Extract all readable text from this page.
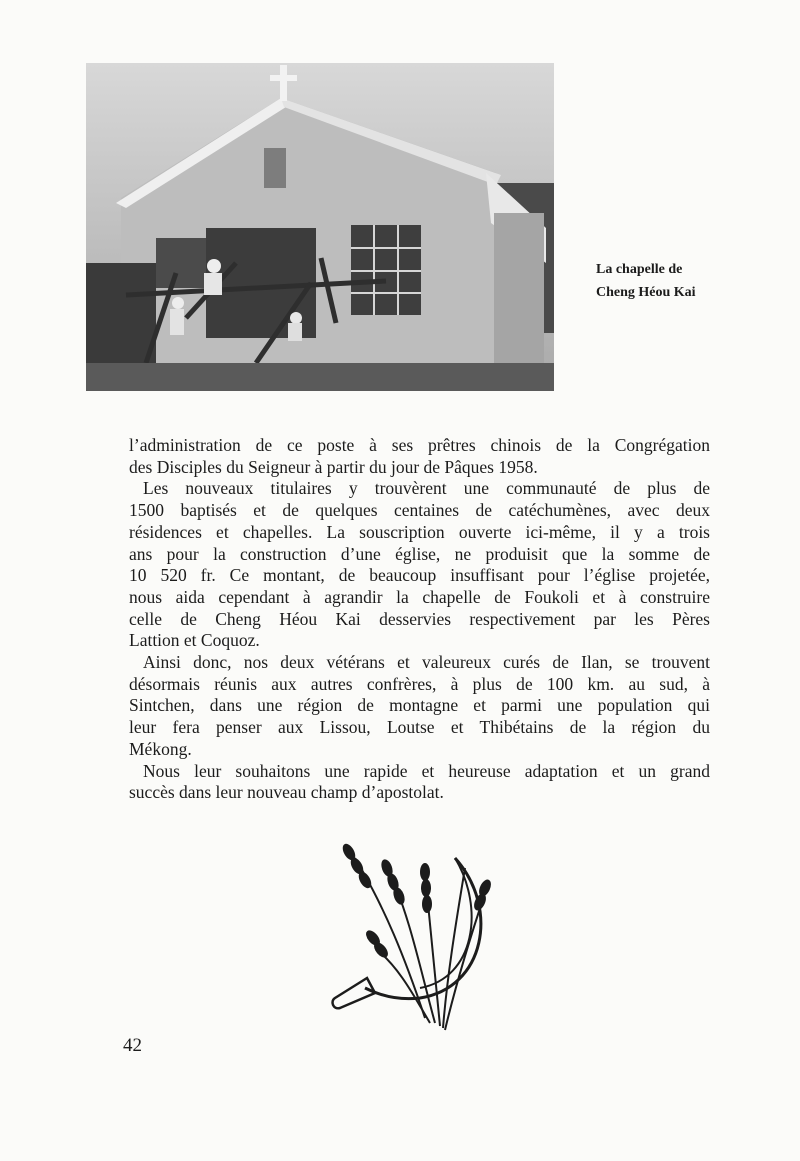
La chapelle de
Cheng Héou Kai

l’administration de ce poste à ses prêtres chinois de la Congrégation

des Disciples du Seigneur à partir du jour de Pâques 1958.

Les nouveaux titulaires y trouvèrent une communauté de plus de

1500 baptisés et de quelques centaines de catéchumènes, avec deux

résidences et chapelles. La souscription ouverte ici-même, il y a trois

ans pour la construction d’une église, ne produisit que la somme de

10 520 fr. Ce montant, de beaucoup insuffisant pour l’église projetée,

nous aida cependant à agrandir la chapelle de Foukoli et à construire

celle de Cheng Héou Kai desservies respectivement par les Pères

Lattion et Coquoz.

Ainsi donc, nos deux vétérans et valeureux curés de Ilan, se trouvent

désormais réunis aux autres confrères, à plus de 100 km. au sud, à

Sintchen, dans une région de montagne et parmi une population qui

leur fera penser aux Lissou, Loutse et Thibétains de la région du

Mékong.

Nous leur souhaitons une rapide et heureuse adaptation et un grand

succès dans leur nouveau champ d’apostolat.

42
